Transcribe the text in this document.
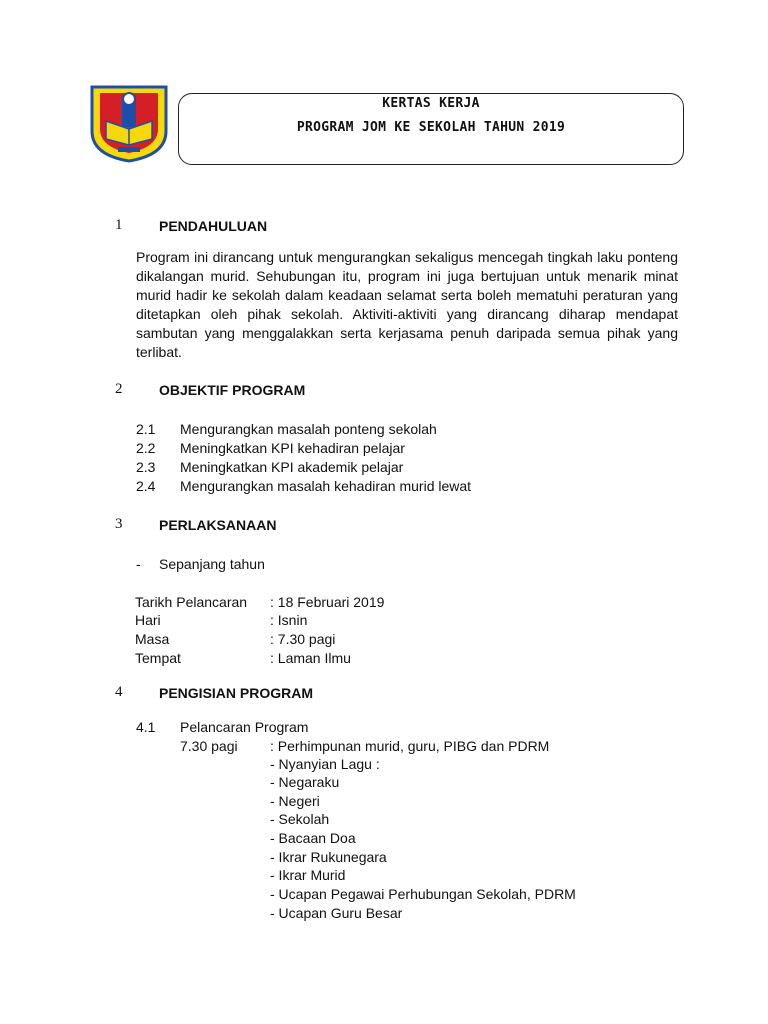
KERTAS KERJA
PROGRAM JOM KE SEKOLAH TAHUN 2019
1	PENDAHULUAN
Program ini dirancang untuk mengurangkan sekaligus mencegah tingkah laku ponteng
dikalangan murid. Sehubungan itu, program ini juga bertujuan untuk menarik minat
murid hadir ke sekolah dalam keadaan selamat serta boleh mematuhi peraturan yang
ditetapkan oleh pihak sekolah. Aktiviti-aktiviti yang dirancang diharap mendapat
sambutan yang menggalakkan serta kerjasama penuh daripada semua pihak yang
terlibat.
2	OBJEKTIF PROGRAM
2.1 Mengurangkan masalah ponteng sekolah
2.2 Meningkatkan KPI kehadiran pelajar
2.3 Meningkatkan KPI akademik pelajar
2.4 Mengurangkan masalah kehadiran murid lewat
3	PERLAKSANAAN
- Sepanjang tahun
Tarikh Pelancaran : 18 Februari 2019
Hari	: Isnin
Masa	: 7.30 pagi
Tempat	: Laman Ilmu
4	PENGISIAN PROGRAM
4.1 Pelancaran Program
7.30 pagi : Perhimpunan murid, guru, PIBG dan PDRM
- Nyanyian Lagu :
- Negaraku
- Negeri
- Sekolah
- Bacaan Doa
- Ikrar Rukunegara
- Ikrar Murid
- Ucapan Pegawai Perhubungan Sekolah, PDRM
- Ucapan Guru Besar
